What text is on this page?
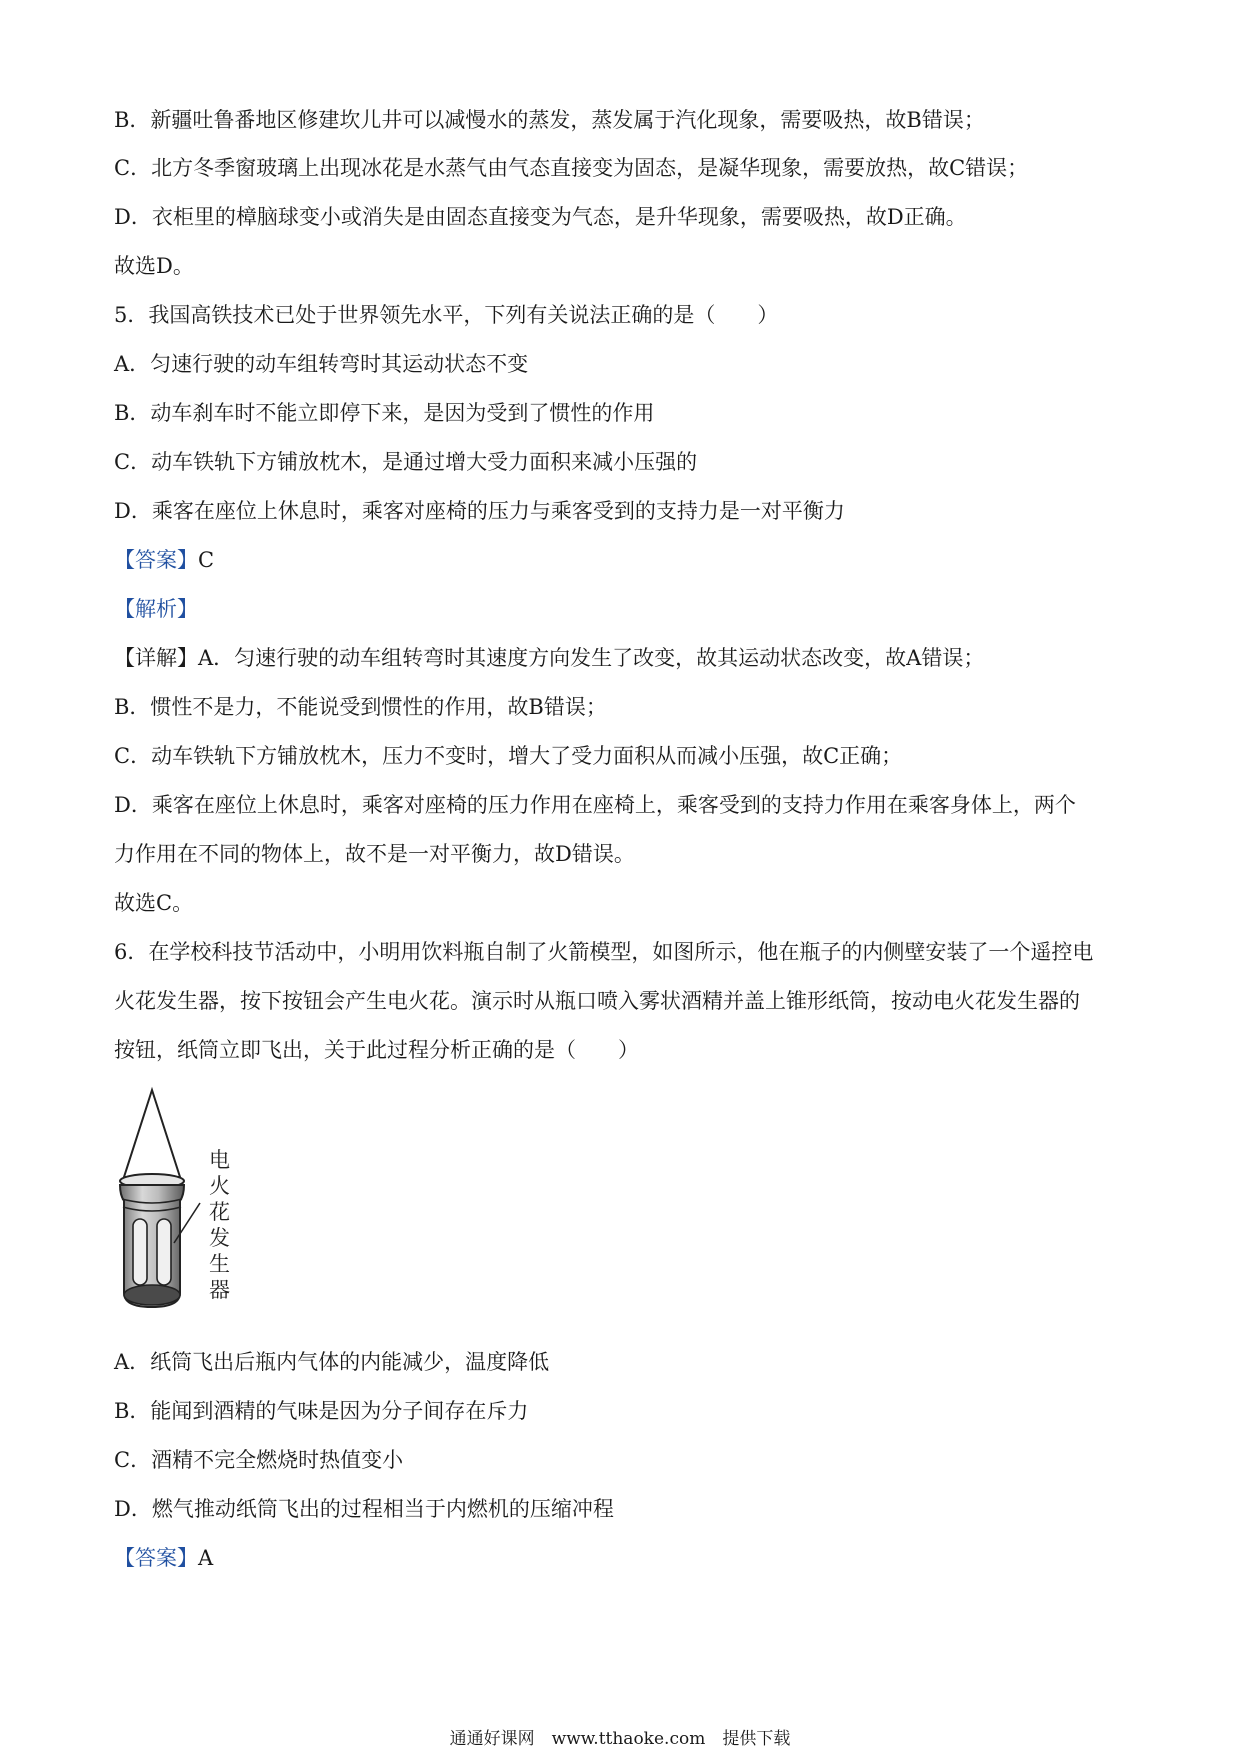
B．新疆吐鲁番地区修建坎儿井可以减慢水的蒸发，蒸发属于汽化现象，需要吸热，故B错误；
C．北方冬季窗玻璃上出现冰花是水蒸气由气态直接变为固态，是凝华现象，需要放热，故C错误；
D．衣柜里的樟脑球变小或消失是由固态直接变为气态，是升华现象，需要吸热，故D正确。
故选D。
5．我国高铁技术已处于世界领先水平，下列有关说法正确的是（　　）
A．匀速行驶的动车组转弯时其运动状态不变
B．动车刹车时不能立即停下来，是因为受到了惯性的作用
C．动车铁轨下方铺放枕木，是通过增大受力面积来减小压强的
D．乘客在座位上休息时，乘客对座椅的压力与乘客受到的支持力是一对平衡力
【答案】C
【解析】
【详解】A．匀速行驶的动车组转弯时其速度方向发生了改变，故其运动状态改变，故A错误；
B．惯性不是力，不能说受到惯性的作用，故B错误；
C．动车铁轨下方铺放枕木，压力不变时，增大了受力面积从而减小压强，故C正确；
D．乘客在座位上休息时，乘客对座椅的压力作用在座椅上，乘客受到的支持力作用在乘客身体上，两个
力作用在不同的物体上，故不是一对平衡力，故D错误。
故选C。
6．在学校科技节活动中，小明用饮料瓶自制了火箭模型，如图所示，他在瓶子的内侧壁安装了一个遥控电
火花发生器，按下按钮会产生电火花。演示时从瓶口喷入雾状酒精并盖上锥形纸筒，按动电火花发生器的
按钮，纸筒立即飞出，关于此过程分析正确的是（　　）
电
火
花
发
生
器
A．纸筒飞出后瓶内气体的内能减少，温度降低
B．能闻到酒精的气味是因为分子间存在斥力
C．酒精不完全燃烧时热值变小
D．燃气推动纸筒飞出的过程相当于内燃机的压缩冲程
【答案】A
通通好课网　www.tthaoke.com　提供下载
